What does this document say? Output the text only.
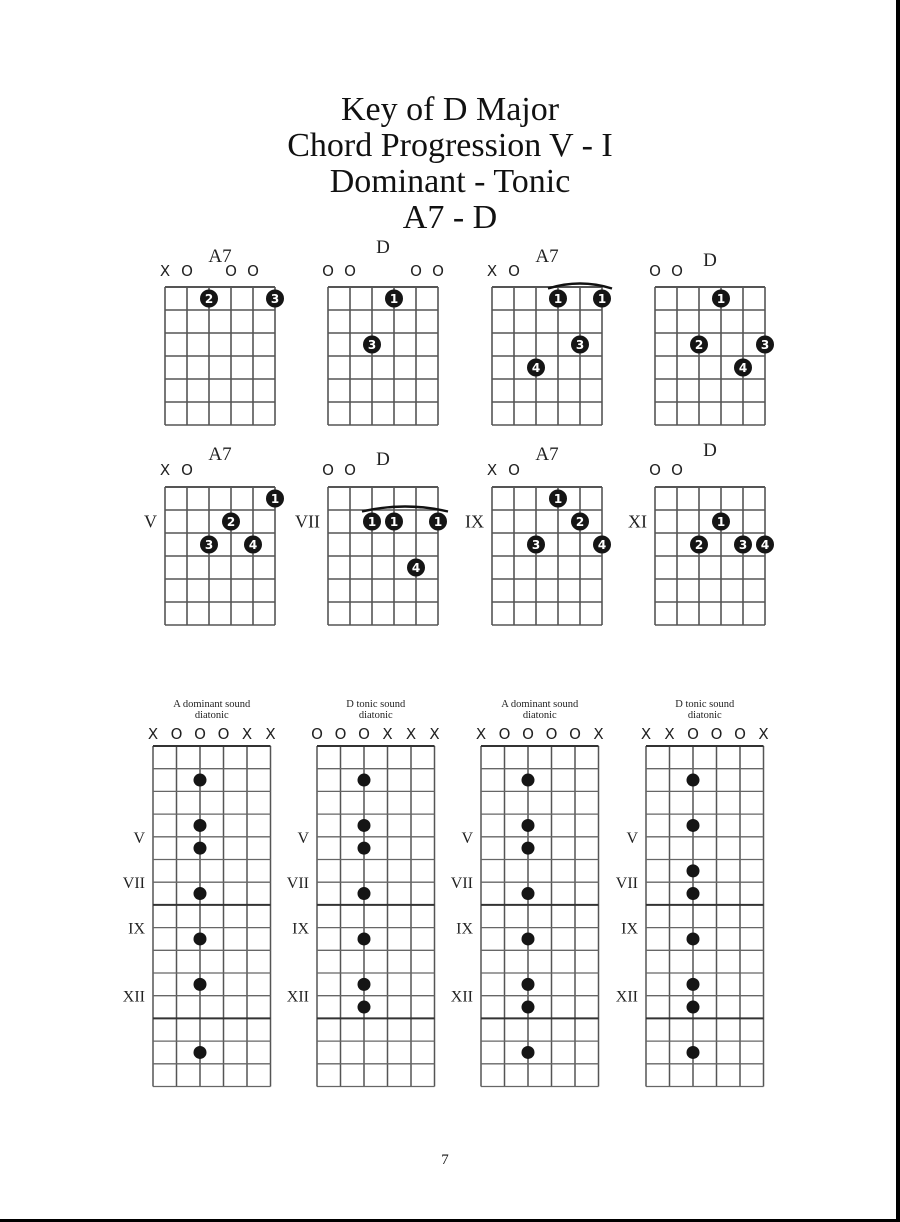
Key of D Major
Chord Progression V - I
Dominant - Tonic
A7 - D
A7
X O O O
2	3
D
O O	O O
1
3
A7
X O
1	1
3
4
D
O O
1
2	3
4
A7
X O
V
1
2
3	4
D
O O
VII	1 1	1
4
A7
X O
IX
1
2
3	4
D
O O
XI	1
2	3 4
A dominant sound
diatonic
X O O O X X
V
VII
IX
XII
D tonic sound
diatonic
O O O X X X
V
VII
IX
XII
A dominant sound
diatonic
X O O O O X
V
VII
IX
XII
D tonic sound
diatonic
X X O O O X
V
VII
IX
XII
7
